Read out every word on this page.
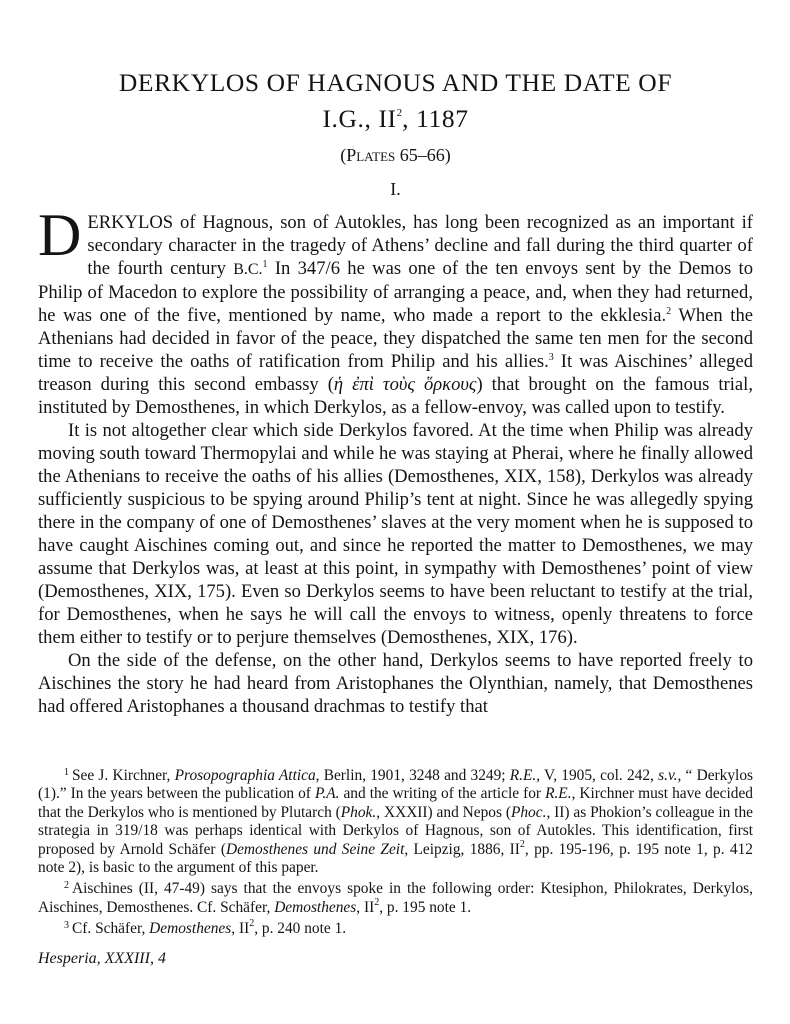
DERKYLOS OF HAGNOUS AND THE DATE OF
I.G., $II^2$, 1187
(Plates 65–66)
I.

DERKYLOS of Hagnous, son of Autokles, has long been recognized as an important if secondary character in the tragedy of Athens’ decline and fall during the third quarter of the fourth century B.C.$^1$ In 347/6 he was one of the ten envoys sent by the Demos to Philip of Macedon to explore the possibility of arranging a peace, and, when they had returned, he was one of the five, mentioned by name, who made a report to the ekklesia.$^2$ When the Athenians had decided in favor of the peace, they dispatched the same ten men for the second time to receive the oaths of ratification from Philip and his allies.$^3$ It was Aischines’ alleged treason during this second embassy (ἡ ἐπὶ τοὺς ὅρκους) that brought on the famous trial, instituted by Demosthenes, in which Derkylos, as a fellow-envoy, was called upon to testify.

It is not altogether clear which side Derkylos favored. At the time when Philip was already moving south toward Thermopylai and while he was staying at Pherai, where he finally allowed the Athenians to receive the oaths of his allies (Demosthenes, XIX, 158), Derkylos was already sufficiently suspicious to be spying around Philip’s tent at night. Since he was allegedly spying there in the company of one of Demosthenes’ slaves at the very moment when he is supposed to have caught Aischines coming out, and since he reported the matter to Demosthenes, we may assume that Derkylos was, at least at this point, in sympathy with Demosthenes’ point of view (Demosthenes, XIX, 175). Even so Derkylos seems to have been reluctant to testify at the trial, for Demosthenes, when he says he will call the envoys to witness, openly threatens to force them either to testify or to perjure themselves (Demosthenes, XIX, 176).

On the side of the defense, on the other hand, Derkylos seems to have reported freely to Aischines the story he had heard from Aristophanes the Olynthian, namely, that Demosthenes had offered Aristophanes a thousand drachmas to testify that

$^1$ See J. Kirchner, Prosopographia Attica, Berlin, 1901, 3248 and 3249; R.E., V, 1905, col. 242, s.v., “ Derkylos (1).” In the years between the publication of P.A. and the writing of the article for R.E., Kirchner must have decided that the Derkylos who is mentioned by Plutarch (Phok., XXXII) and Nepos (Phoc., II) as Phokion’s colleague in the strategia in 319/18 was perhaps identical with Derkylos of Hagnous, son of Autokles. This identification, first proposed by Arnold Schäfer (Demosthenes und Seine Zeit, Leipzig, 1886, $II^2$, pp. 195-196, p. 195 note 1, p. 412 note 2), is basic to the argument of this paper.

$^2$ Aischines (II, 47-49) says that the envoys spoke in the following order: Ktesiphon, Philokrates, Derkylos, Aischines, Demosthenes. Cf. Schäfer, Demosthenes, $II^2$, p. 195 note 1.

$^3$ Cf. Schäfer, Demosthenes, $II^2$, p. 240 note 1.

Hesperia, XXXIII, 4
